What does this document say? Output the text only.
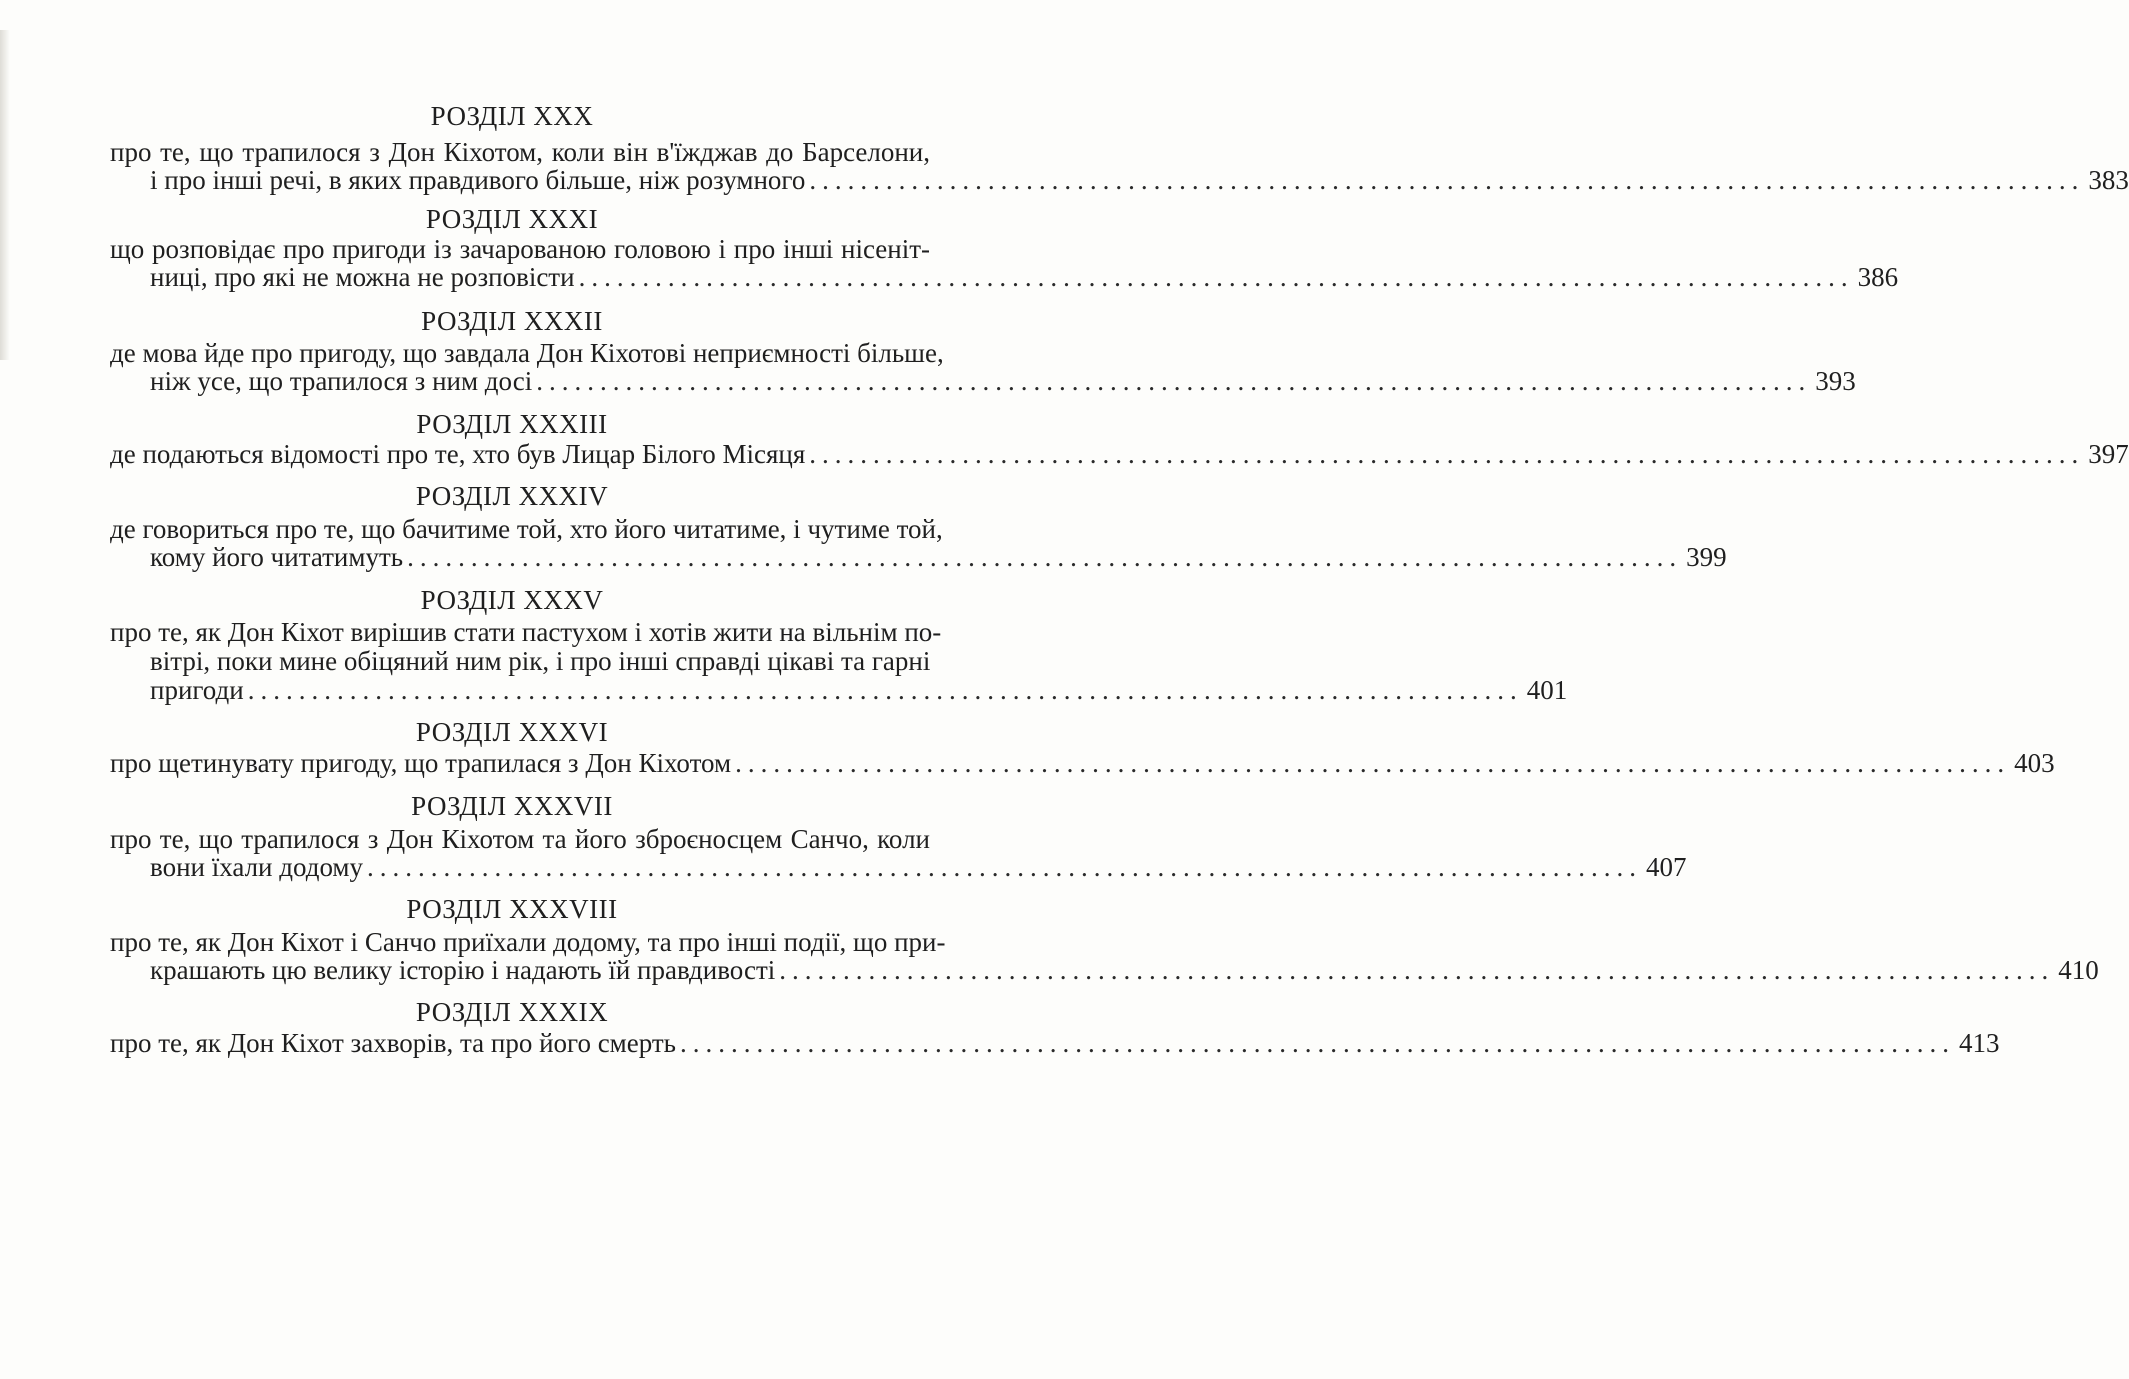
РОЗДІЛ XXX
про те, що трапилося з Дон Кіхотом, коли він в'їжджав до Барселони,
і про інші речі, в яких правдивого більше, ніж розумного .................................................................................................... 383
РОЗДІЛ XXXI
що розповідає про пригоди із зачарованою головою і про інші нісеніт-
ниці, про які не можна не розповісти .................................................................................................... 386
РОЗДІЛ XXXII
де мова йде про пригоду, що завдала Дон Кіхотові неприємності більше,
ніж усе, що трапилося з ним досі .................................................................................................... 393
РОЗДІЛ XXXIII
де подаються відомості про те, хто був Лицар Білого Місяця .................................................................................................... 397
РОЗДІЛ XXXIV
де говориться про те, що бачитиме той, хто його читатиме, і чутиме той,
кому його читатимуть .................................................................................................... 399
РОЗДІЛ XXXV
про те, як Дон Кіхот вирішив стати пастухом і хотів жити на вільнім по-
вітрі, поки мине обіцяний ним рік, і про інші справді цікаві та гарні
пригоди .................................................................................................... 401
РОЗДІЛ XXXVI
про щетинувату пригоду, що трапилася з Дон Кіхотом .................................................................................................... 403
РОЗДІЛ XXXVII
про те, що трапилося з Дон Кіхотом та його зброєносцем Санчо, коли
вони їхали додому .................................................................................................... 407
РОЗДІЛ XXXVIII
про те, як Дон Кіхот і Санчо приїхали додому, та про інші події, що при-
крашають цю велику історію і надають їй правдивості .................................................................................................... 410
РОЗДІЛ XXXIX
про те, як Дон Кіхот захворів, та про його смерть .................................................................................................... 413
